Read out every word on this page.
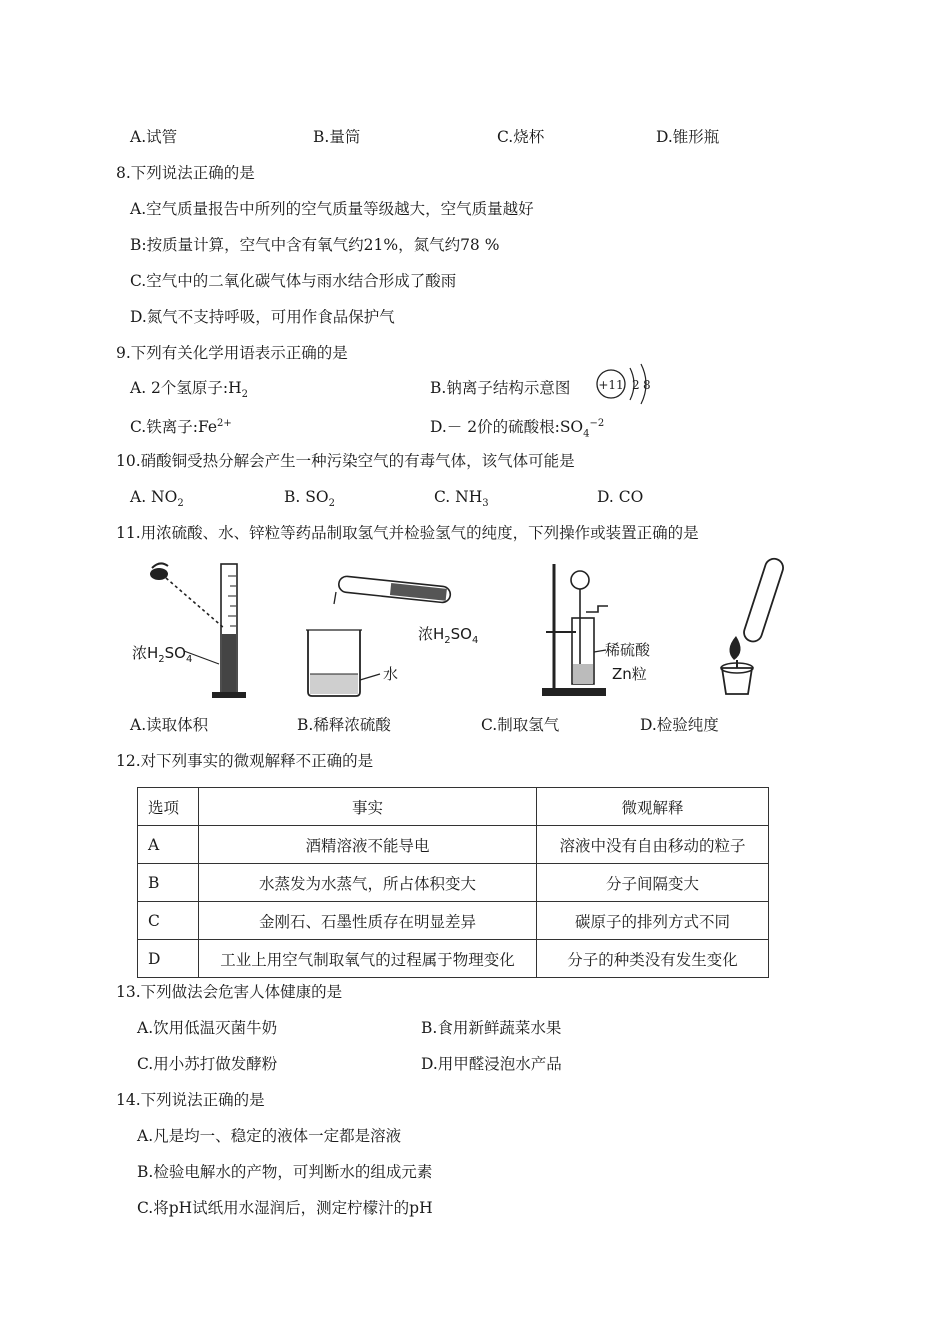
A.试管	B.量筒	C.烧杯	D.锥形瓶
8.下列说法正确的是
A.空气质量报告中所列的空气质量等级越大，空气质量越好
B:按质量计算，空气中含有氧气约21%，氮气约78 %
C.空气中的二氧化碳气体与雨水结合形成了酸雨
D.氮气不支持呼吸，可用作食品保护气
9.下列有关化学用语表示正确的是
A. 2个氢原子$:H_2$	B.钠离子结构示意图 +11 2 8
C.铁离子$:Fe^{2+}$	D.－ 2价的硫酸根$:SO_4^{-2}$
10.硝酸铜受热分解会产生一种污染空气的有毒气体，该气体可能是
A. $NO_2$	B. $SO_2$	C. $NH_3$	D. CO
11.用浓硫酸、水、锌粒等药品制取氢气并检验氢气的纯度，下列操作或装置正确的是
浓$H_2SO_4$
水
浓$H_2SO_4$
稀硫酸
Zn粒
A.读取体积	B.稀释浓硫酸	C.制取氢气	D.检验纯度
12.对下列事实的微观解释不正确的是
选项	事实	微观解释
A	酒精溶液不能导电	溶液中没有自由移动的粒子
B	水蒸发为水蒸气，所占体积变大	分子间隔变大
C	金刚石、石墨性质存在明显差异	碳原子的排列方式不同
D	工业上用空气制取氧气的过程属于物理变化	分子的种类没有发生变化
13.下列做法会危害人体健康的是
A.饮用低温灭菌牛奶	B.食用新鲜蔬菜水果
C.用小苏打做发酵粉	D.用甲醛浸泡水产品
14.下列说法正确的是
A.凡是均一、稳定的液体一定都是溶液
B.检验电解水的产物，可判断水的组成元素
C.将pH试纸用水湿润后，测定柠檬汁的pH
